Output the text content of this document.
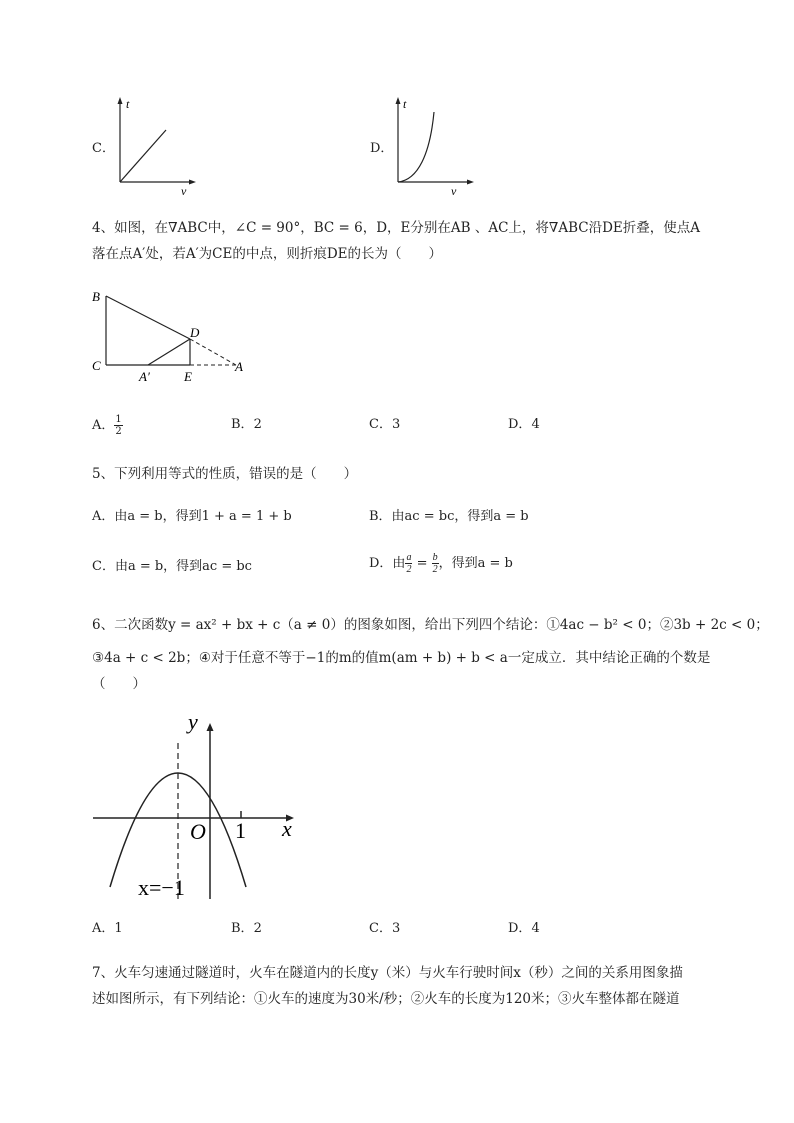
C．
t
v
D．
t
v
4、如图，在∇ABC中，∠C = 90°，BC = 6，D，E分别在AB 、AC上，将∇ABC沿DE折叠，使点A
落在点A′处，若A′为CE的中点，则折痕DE的长为（　　）
B
C
D
A′	E
A
A． $\frac{1}{2}$	B．2	C．3	D．4
5、下列利用等式的性质，错误的是（　　）
A．由a = b，得到1 + a = 1 + b	B．由ac = bc，得到a = b
C．由a = b，得到ac = bc	D．由 $\frac{a}{2} = \frac{b}{2}$ ，得到a = b
6、二次函数y = ax² + bx + c（a ≠ 0）的图象如图，给出下列四个结论：①4ac − b² < 0；②3b + 2c < 0；
③4a + c < 2b；④对于任意不等于−1的m的值m(am + b) + b < a一定成立．其中结论正确的个数是
（　　）
y
x
O 1
x=−1
A．1	B．2	C．3	D．4
7、火车匀速通过隧道时，火车在隧道内的长度y（米）与火车行驶时间x（秒）之间的关系用图象描
述如图所示，有下列结论：①火车的速度为30米/秒；②火车的长度为120米；③火车整体都在隧道
